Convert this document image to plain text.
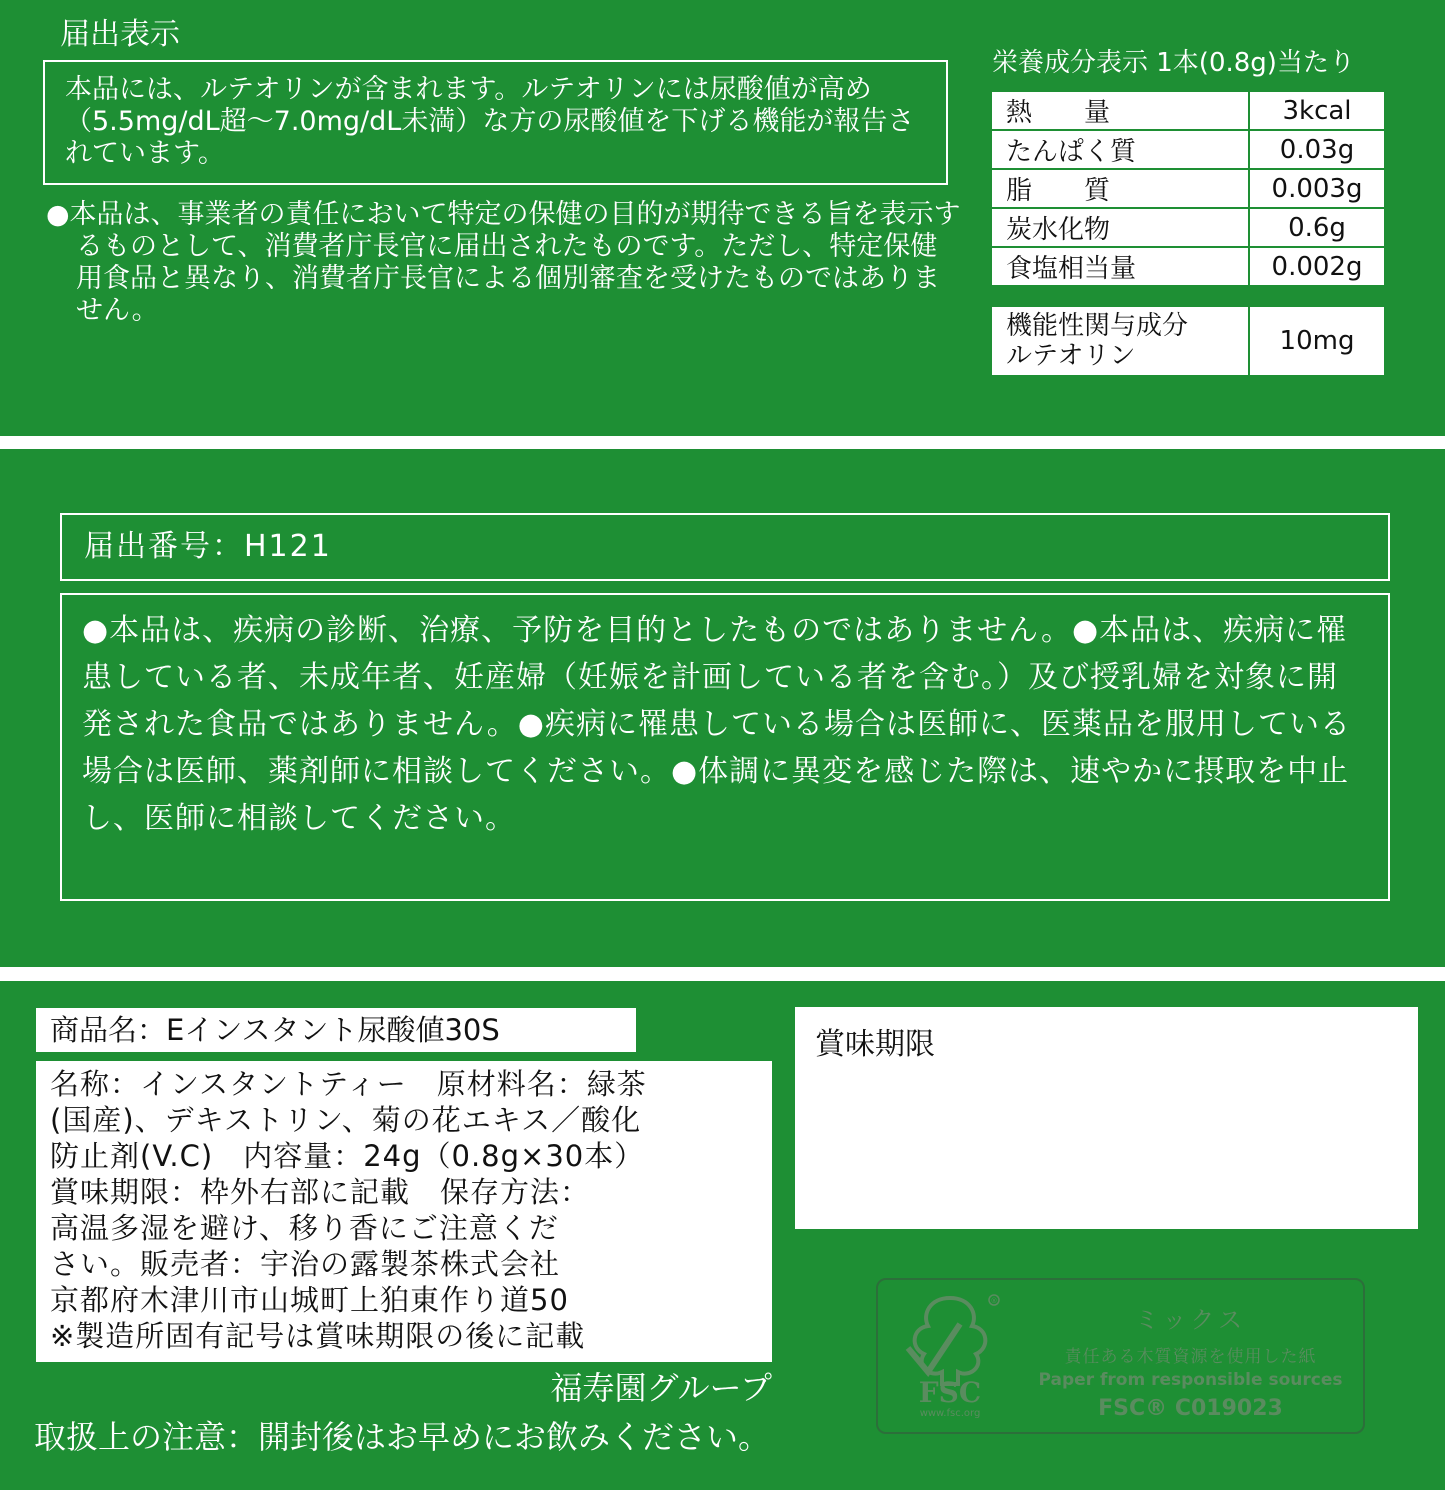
届出表示
本品には、ルテオリンが含まれます。ルテオリンには尿酸値が高め（5.5mg/dL超～7.0mg/dL未満）な方の尿酸値を下げる機能が報告されています。
●本品は、事業者の責任において特定の保健の目的が期待できる旨を表示するものとして、消費者庁長官に届出されたものです。ただし、特定保健用食品と異なり、消費者庁長官による個別審査を受けたものではありません。
栄養成分表示 1本(0.8g)当たり
熱　　量	3kcal
たんぱく質	0.03g
脂　　質	0.003g
炭水化物	0.6g
食塩相当量	0.002g
機能性関与成分
ルテオリン	10mg
届出番号：H121
●本品は、疾病の診断、治療、予防を目的としたものではありません。●本品は、疾病に罹患している者、未成年者、妊産婦（妊娠を計画している者を含む。）及び授乳婦を対象に開発された食品ではありません。●疾病に罹患している場合は医師に、医薬品を服用している場合は医師、薬剤師に相談してください。●体調に異変を感じた際は、速やかに摂取を中止し、医師に相談してください。
商品名：Eインスタント尿酸値30S
名称：インスタントティー　原材料名：緑茶
(国産)、デキストリン、菊の花エキス／酸化
防止剤(V.C)　内容量：24g（0.8g×30本）
賞味期限：枠外右部に記載　保存方法：
高温多湿を避け、移り香にご注意くだ
さい。販売者：宇治の露製茶株式会社
京都府木津川市山城町上狛東作り道50
※製造所固有記号は賞味期限の後に記載
福寿園グループ
取扱上の注意：開封後はお早めにお飲みください。
賞味期限
®
FSC
www.fsc.org
ミックス
責任ある木質資源を使用した紙
Paper from responsible sources
FSC® C019023
